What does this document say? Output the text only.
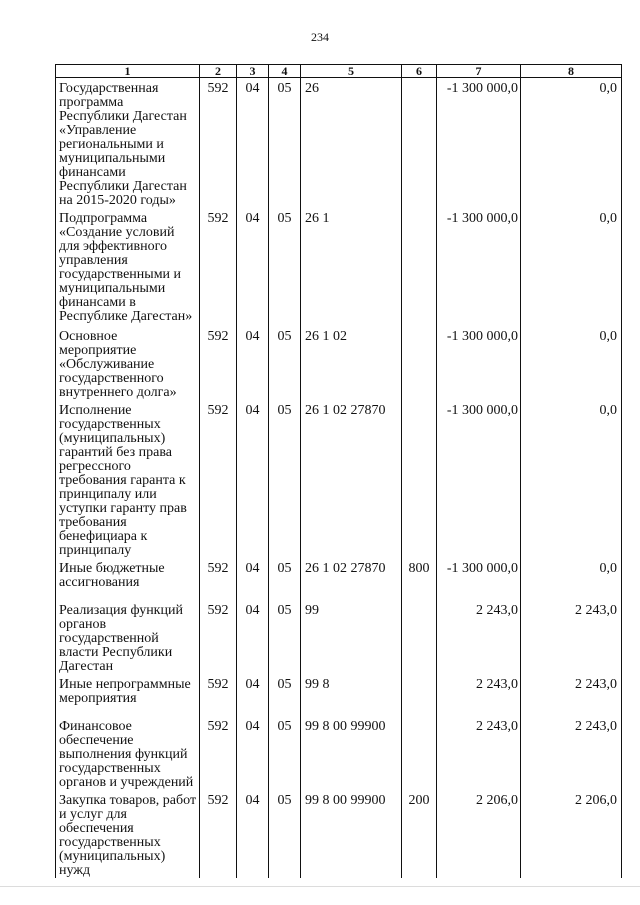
234
1	2	3	4	5	6	7	8
Государственная программа Республики Дагестан «Управление региональными и муниципальными финансами Республики Дагестан на 2015-2020 годы»	592	04	05	26		-1 300 000,0	0,0
Подпрограмма «Создание условий для эффективного управления государственными и муниципальными финансами в Республике Дагестан»	592	04	05	26 1		-1 300 000,0	0,0
Основное мероприятие «Обслуживание государственного внутреннего долга»	592	04	05	26 1 02		-1 300 000,0	0,0
Исполнение государственных (муниципальных) гарантий без права регрессного требования гаранта к принципалу или уступки гаранту прав требования бенефициара к принципалу	592	04	05	26 1 02 27870		-1 300 000,0	0,0
Иные бюджетные ассигнования	592	04	05	26 1 02 27870	800	-1 300 000,0	0,0
Реализация функций органов государственной власти Республики Дагестан	592	04	05	99		2 243,0	2 243,0
Иные непрограммные мероприятия	592	04	05	99 8		2 243,0	2 243,0
Финансовое обеспечение выполнения функций государственных органов и учреждений	592	04	05	99 8 00 99900		2 243,0	2 243,0
Закупка товаров, работ и услуг для обеспечения государственных (муниципальных) нужд	592	04	05	99 8 00 99900	200	2 206,0	2 206,0
